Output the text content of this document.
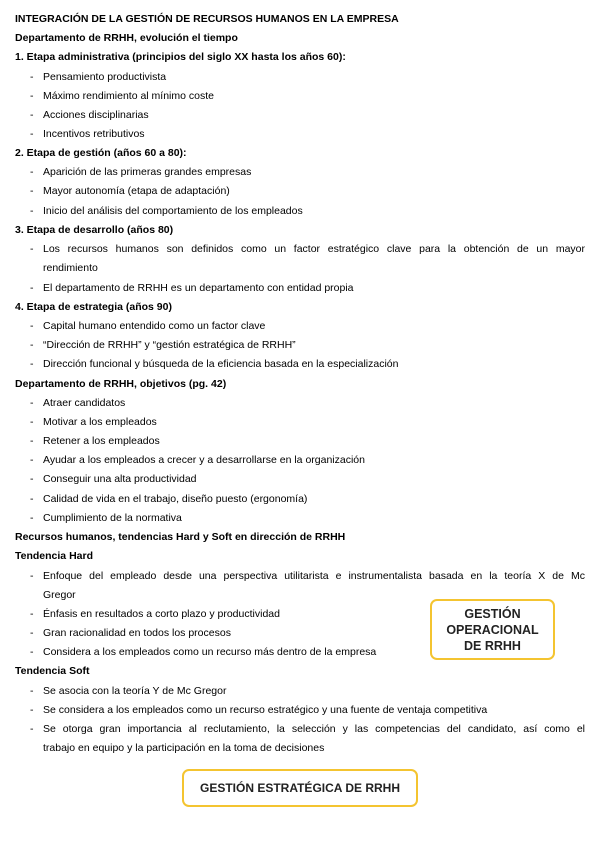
INTEGRACIÓN DE LA GESTIÓN DE RECURSOS HUMANOS EN LA EMPRESA
Departamento de RRHH, evolución el tiempo
1. Etapa administrativa (principios del siglo XX hasta los años 60):
- Pensamiento productivista
- Máximo rendimiento al mínimo coste
- Acciones disciplinarias
- Incentivos retributivos
2. Etapa de gestión (años 60 a 80):
- Aparición de las primeras grandes empresas
- Mayor autonomía (etapa de adaptación)
- Inicio del análisis del comportamiento de los empleados
3. Etapa de desarrollo (años 80)
- Los recursos humanos son definidos como un factor estratégico clave para la obtención de un mayor
rendimiento
- El departamento de RRHH es un departamento con entidad propia
4. Etapa de estrategia (años 90)
- Capital humano entendido como un factor clave
- “Dirección de RRHH” y “gestión estratégica de RRHH”
- Dirección funcional y búsqueda de la eficiencia basada en la especialización
Departamento de RRHH, objetivos (pg. 42)
- Atraer candidatos
- Motivar a los empleados
- Retener a los empleados
- Ayudar a los empleados a crecer y a desarrollarse en la organización
- Conseguir una alta productividad
- Calidad de vida en el trabajo, diseño puesto (ergonomía)
- Cumplimiento de la normativa
Recursos humanos, tendencias Hard y Soft en dirección de RRHH
Tendencia Hard
- Enfoque del empleado desde una perspectiva utilitarista e instrumentalista basada en la teoría X de Mc
Gregor
- Énfasis en resultados a corto plazo y productividad
- Gran racionalidad en todos los procesos
- Considera a los empleados como un recurso más dentro de la empresa
Tendencia Soft
- Se asocia con la teoría Y de Mc Gregor
- Se considera a los empleados como un recurso estratégico y una fuente de ventaja competitiva
- Se otorga gran importancia al reclutamiento, la selección y las competencias del candidato, así como el
trabajo en equipo y la participación en la toma de decisiones
GESTIÓN
OPERACIONAL
DE RRHH
GESTIÓN ESTRATÉGICA DE RRHH
